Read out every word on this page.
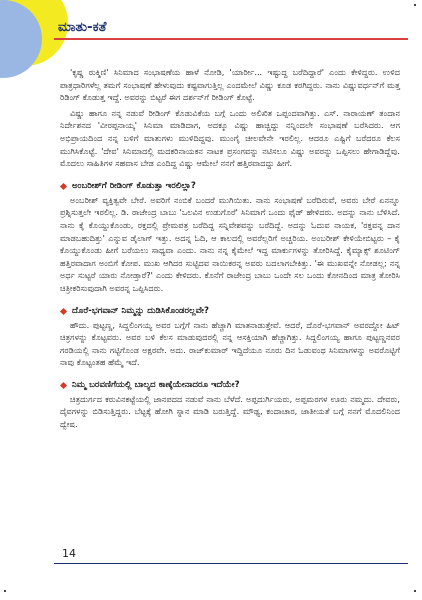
ಮಾತು-ಕತೆ

'ಕೃಷ್ಣ ರುಕ್ಮಿಣಿ' ಸಿನಿಮಾದ ಸಂಭಾಷಣೆಯ ಹಾಳೆ ನೋಡಿ, 'ಯಾರ್ರೀ... ಇಷ್ಟುದ್ದ ಬರೆದಿದ್ದಾರೆ' ಎಂದು ಕೇಳಿದ್ದರು. ಉಳಿದ ಪಾತ್ರಧಾರಿಗಳೆಲ್ಲ ತಮಗೆ ಸಂಭಾಷಣೆ ಹೇಳುವುದು ಕಷ್ಟವಾಗುತ್ತಿಲ್ಲ ಎಂದಮೇಲೆ ವಿಷ್ಣು ಕೂಡ ಕರಗಿದ್ದರು. ನಾನು ವಿಷ್ಣುವರ್ಧನ್‌ಗೆ ಮತ್ತ ರಿಡಿಂಗ್ ಕೊಡುತ್ತ ಇದ್ದೆ. ಅವರನ್ನು ಬಿಟ್ಟರೆ ಈಗ ದರ್ಶನ್‌ಗೆ ರೀಡಿಂಗ್ ಕೊಟ್ಟೆ.

ವಿಷ್ಣು ಹಾಗೂ ನನ್ನ ನಡುವೆ ರೀಡಿಂಗ್ ಕೊಡುವಿಕೆಯ ಬಗ್ಗೆ ಒಂದು ಅಲಿಖಿತ ಒಪ್ಪಂದವಾಗಿತ್ತು. ಎಸ್. ನಾರಾಯಣ್ ತಂದಾನ ನಿರ್ದೇಶನದ 'ವೀರಪ್ಪನಾಯ್ಕ' ಸಿನಿಮಾ ಮಾಡಿದಾಗ, ಅದಕ್ಕೂ ವಿಷ್ಣು ಹಾಚ್ಚಿದ್ದು ನನ್ನಿಂದಲೇ ಸಂಭಾಷಣೆ ಬರೆಸಿದರು. ಆಗ ಅಭಿಪ್ರಾಯದಿಂದ ನನ್ನ ಬಳಿಗೆ ಮಾತುಗಳು ಮುಳಿದಿದ್ದವು. ಮುಂಗೈ ಚೀಲವೇನೇ ಇರಲಿಲ್ಲ. ಆದರೂ ಎಷ್ಟಿಗೆ ಬರೆದರೂ ಕೆಲಸ ಮುಗಿಸಿಕೊಟ್ಟೆ. 'ದೇವ' ಸಿನಿಮಾದಲ್ಲಿ ಮದಕರಿನಾಯಕನ ನಾಟಕ ಪ್ರಸಂಗವನ್ನು ನಟಿಸಲೂ ವಿಷ್ಣು ಅವರನ್ನು ಒಪ್ಪಿಸಲು ಹೇಗಾಡಿದ್ದೆವು. ಮೊದಲು ಸಾಹಿತಿಗಳ ಸಹವಾಸ ಬೇಡ ಎಂದಿದ್ದ ವಿಷ್ಣು ಆಮೇಲೆ ನನಗೆ ಹತ್ತಿರವಾದದ್ದು ಹೀಗೆ.

ಅಂಬರೀಶ್‌ಗೆ ರೀಡಿಂಗ್ ಕೊಡುತ್ತಾ ಇರಲಿಲ್ಲಾ?

ಅಂಬರೀಶ್ ವ್ಯಕ್ತಿತ್ವವೇ ಬೇರೆ. ಅವರಿಗೆ ನಂಬಿಕೆ ಬಂದರೆ ಮುಗಿಯಿತು. ನಾನು ಸಂಭಾಷಣೆ ಬರೆದಿರುವೆ, ಅವರು ಬೇರೆ ಏನನ್ನೂ ಪ್ರಶ್ನಿಸುತ್ತಲೇ ಇರಲಿಲ್ಲ. ಡಿ. ರಾಜೇಂದ್ರ ಬಾಬು 'ಒಲವಿನ ಉಡುಗೊರೆ' ಸಿನಿಮಾಗೆ ಒಂದು ಫೈಡ್ ಹೇಳಿದರು. ಅದನ್ನು ನಾನು ಬೆಳಿಸಿದೆ. ನಾನು ಕೈ ಕೊಯ್ದುಕೊಂಡು, ರಕ್ತದಲ್ಲಿ ಪ್ರೇಮಪತ್ರ ಬರೆದಿದ್ದ ಸನ್ನಿವೇಶವನ್ನು ಬರೆದಿದ್ದೆ. ಅದನ್ನು ಓದುವ ನಾಯಕ, 'ರಕ್ತವನ್ನ ದಾನ ಮಾಡಬಹುದಿತ್ತು' ಎನ್ನುವ ಡೈಲಾಗ್ ಇತ್ತು. ಅದನ್ನ ಓದಿ, ಆ ಕಾಲದಲ್ಲಿ ಅವರೆಲ್ಲರಿಗೆ ಅಚ್ಚರಿಯ. ಅಂಬರೀಶ್ ಕೇಳಿಯೇಬಿಟ್ಟರು – ಕೈ ಕೊಯ್ದುಕೊಂಡು ಹೀಗೆ ಬರೆಯಲು ಸಾಧ್ಯವಾ ಎಂದು. ನಾನು ನನ್ನ ಕೈಮೇಲೆ ಇದ್ದ ಮಾರ್ಕುಗಳನ್ನು ತೋರಿಸಿದ್ದೆ. ಕೈಮ್ಯಾಕ್ಸ್ ಶೂಟಿಂಗ್ ಹತ್ತಿರವಾದಾಗ ಅಂಬಿಗೆ ಕೋಪ. ಮುಖ ಆಗಿದರ ಸುಟ್ಟಿದವ ನಾಯಿಕರನ್ನ ಅವರು ಬದಲಾಗಬೇಕಿತ್ತು. 'ಈ ಮುಖವನ್ನೇ ನೋಡಲ್ಲ; ನನ್ನ ಅರ್ಧ ಸುಟ್ಟರೆ ಯಾರು ನೋಡ್ತಾರೆ?' ಎಂದು ಕೇಳಿದರು. ಕೊನೆಗೆ ರಾಜೇಂದ್ರ ಬಾಬು ಒಂದೇ ಸಲ ಒಂದು ಕೋನದಿಂದ ಮಾತ್ರ ತೋರಿಸಿ ಚಿತ್ರೀಕರಿಸುವುದಾಗಿ ಅವರನ್ನ ಒಪ್ಪಿಸಿದರು.

ದೊರೆ-ಭಗವಾನ್ ನಿಮ್ಮನ್ನು ದುಡಿಸಿಕೊಂಡರಲ್ಲವೇ?

ಹೌದು. ಪುಟ್ಟಣ್ಣ, ಸಿದ್ದಲಿಂಗಯ್ಯ ಅವರ ಬಗ್ಗೆಗೆ ನಾನು ಹೆಚ್ಚಾಗಿ ಮಾತನಾಡುತ್ತೇವೆ. ಆದರೆ, ದೊರೆ-ಭಗವಾನ್ ಅವರದ್ದೋ ಹಿಟ್ ಚಿತ್ರಗಳನ್ನು ಕೊಟ್ಟವರು. ಅವರ ಬಳಿ ಕೆಲಸ ಮಾಡುವುದರಲ್ಲಿ ನನ್ನ ಆಸಕ್ತಿಯಾಗಿ ಹೆಚ್ಚಾಗಿತ್ತು. ಸಿದ್ದಲಿಂಗಯ್ಯ ಹಾಗೂ ಪುಟ್ಟಣ್ಣನವರ ಗರಡಿಯಲ್ಲಿ ನಾನು ಗಟ್ಟಿಗೊಂಡ ಅಕ್ಷರವೇ. ಅದು. ರಾಜ್‌ಕುಮಾರ್ ಇದ್ದಿದೆಯೂ ನೂರು ದಿನ ಓಡುವಂಥ ಸಿನಿಮಾಗಳನ್ನು ಅವರೊಟ್ಟಿಗೆ ನಾವು ಕೊಟ್ಟಂತಹ ಹೆಮ್ಮೆ ಇದೆ.

ನಿಮ್ಮ ಬರವಣಿಗೆಯಲ್ಲಿ ಬಾಲ್ಯದ ಕಾಣ್ಕೆಯೇನಾದರೂ ಇದೆಯೇ?

ಚಿತ್ರದುರ್ಗದ ಕರುವಿನಕಟ್ಟೆಯಲ್ಲಿ ಜಾನಪದದ ನಡುವೆ ನಾನು ಬೆಳೆದೆ. ಅಪ್ಪದುರ್ಗಿಯರು, ಅಪ್ಪಮರಗಳ ಊರು ನಮ್ಮದು. ದೇವರು, ದೈವಗಳನ್ನು ಬಿಡಿಸುತ್ತಿದ್ದರು. ಬೆಟ್ಟಕ್ಕೆ ಹೋಗಿ ಸ್ನಾನ ಮಾಡಿ ಬರುತ್ತಿದ್ದೆ. ಮೌಢ್ಯ, ಕಂದಾಚಾರ, ಜಾತೀಯತೆ ಬಗ್ಗೆ ನನಗೆ ಮೊದಲಿನಿಂದ ದ್ವೇಷ.

14
